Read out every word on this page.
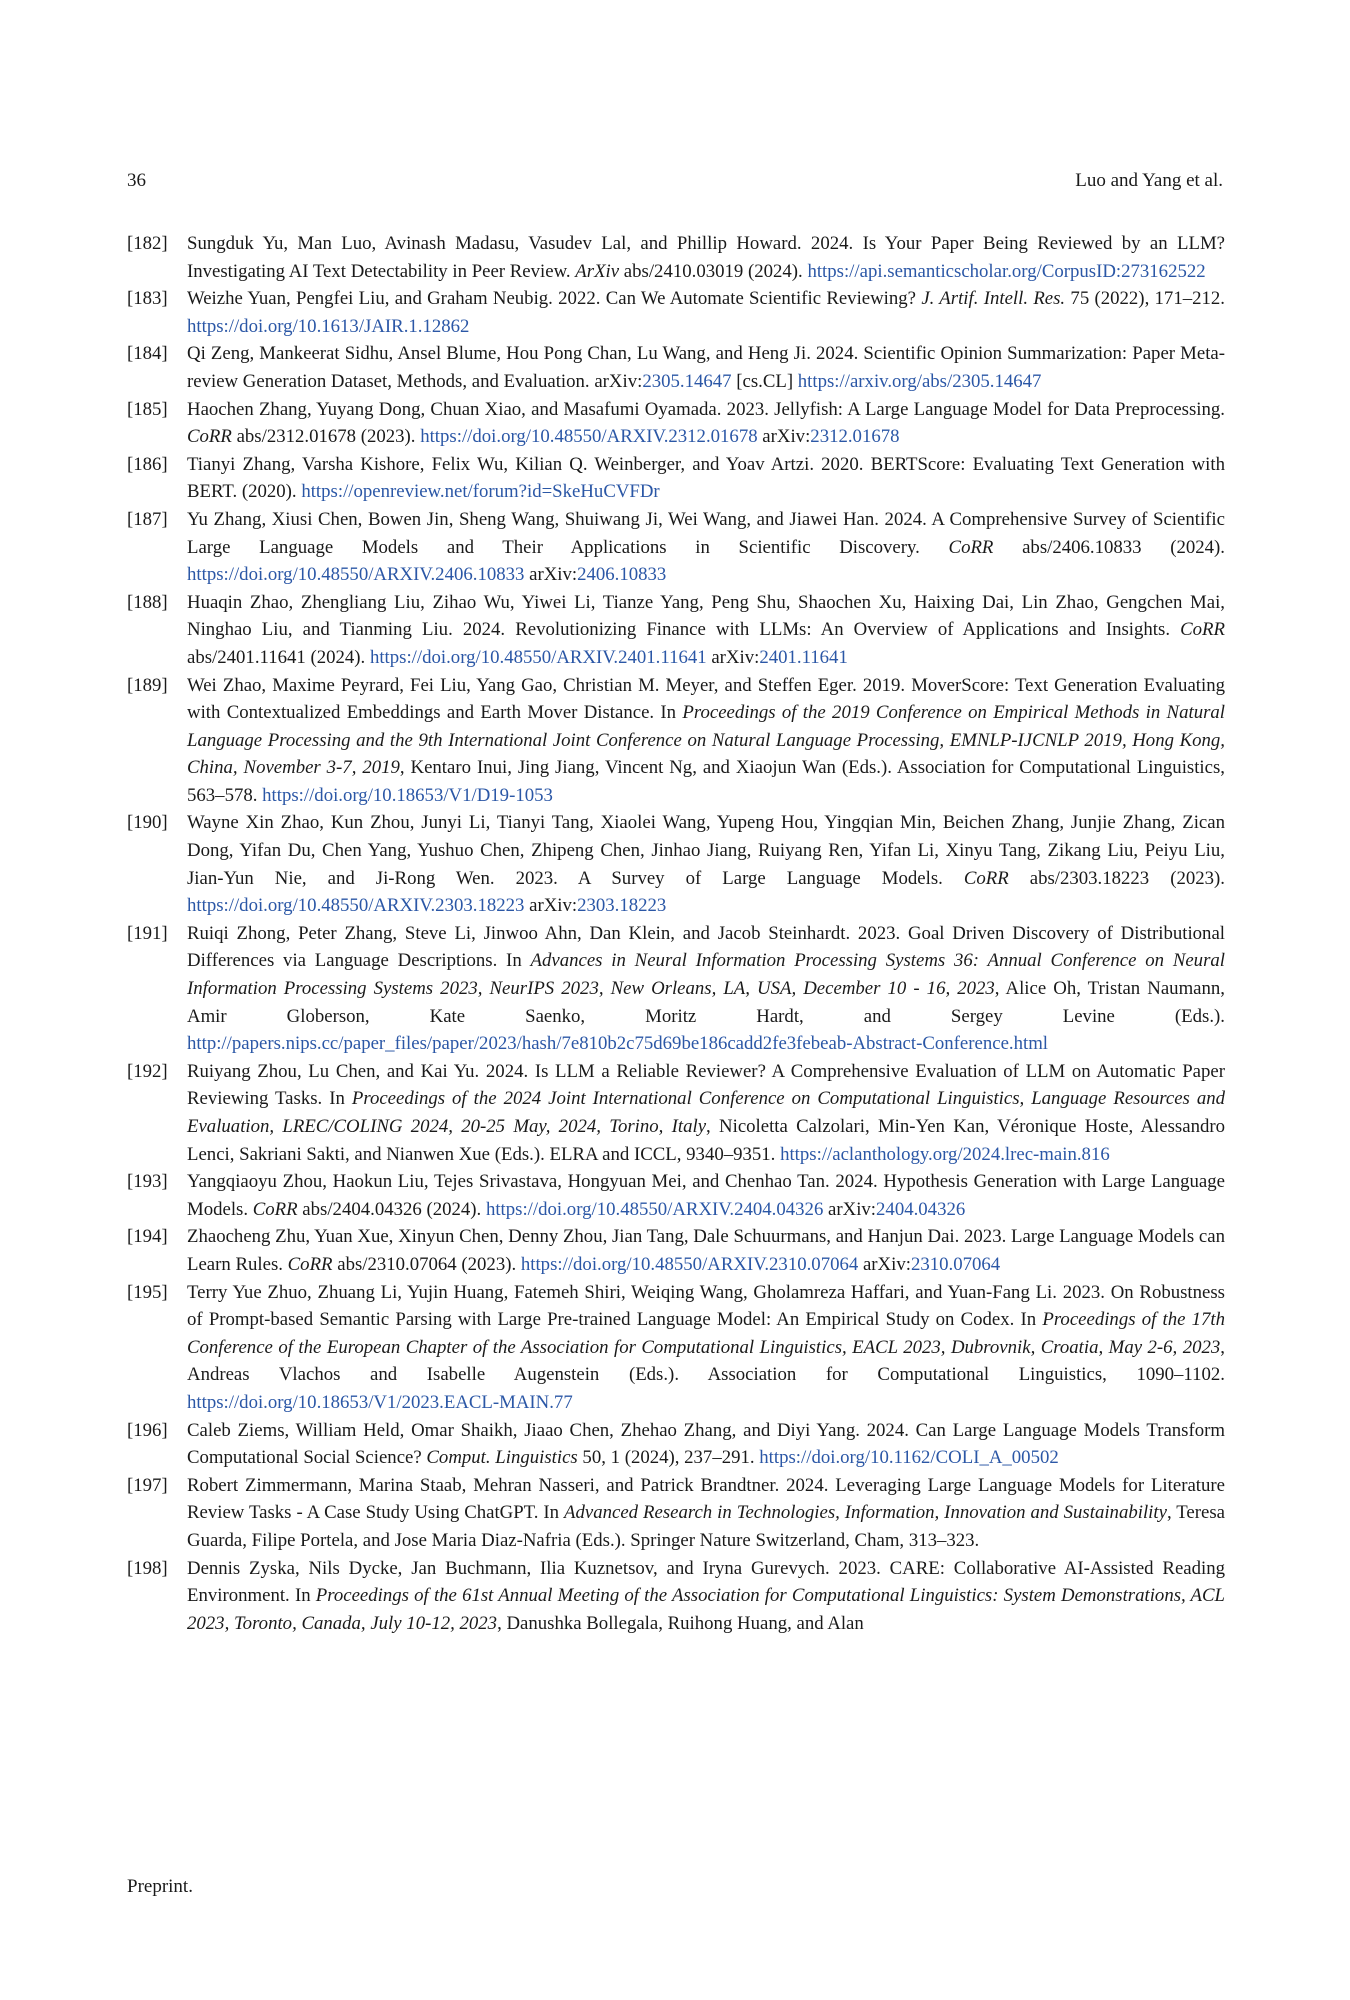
36	Luo and Yang et al.
[182] Sungduk Yu, Man Luo, Avinash Madasu, Vasudev Lal, and Phillip Howard. 2024. Is Your Paper Being Reviewed by an LLM? Investigating AI Text Detectability in Peer Review. ArXiv abs/2410.03019 (2024). https://api.semanticscholar.org/CorpusID:273162522
[183] Weizhe Yuan, Pengfei Liu, and Graham Neubig. 2022. Can We Automate Scientific Reviewing? J. Artif. Intell. Res. 75 (2022), 171–212. https://doi.org/10.1613/JAIR.1.12862
[184] Qi Zeng, Mankeerat Sidhu, Ansel Blume, Hou Pong Chan, Lu Wang, and Heng Ji. 2024. Scientific Opinion Summarization: Paper Meta-review Generation Dataset, Methods, and Evaluation. arXiv:2305.14647 [cs.CL] https://arxiv.org/abs/2305.14647
[185] Haochen Zhang, Yuyang Dong, Chuan Xiao, and Masafumi Oyamada. 2023. Jellyfish: A Large Language Model for Data Preprocessing. CoRR abs/2312.01678 (2023). https://doi.org/10.48550/ARXIV.2312.01678 arXiv:2312.01678
[186] Tianyi Zhang, Varsha Kishore, Felix Wu, Kilian Q. Weinberger, and Yoav Artzi. 2020. BERTScore: Evaluating Text Generation with BERT. (2020). https://openreview.net/forum?id=SkeHuCVFDr
[187] Yu Zhang, Xiusi Chen, Bowen Jin, Sheng Wang, Shuiwang Ji, Wei Wang, and Jiawei Han. 2024. A Comprehensive Survey of Scientific Large Language Models and Their Applications in Scientific Discovery. CoRR abs/2406.10833 (2024). https://doi.org/10.48550/ARXIV.2406.10833 arXiv:2406.10833
[188] Huaqin Zhao, Zhengliang Liu, Zihao Wu, Yiwei Li, Tianze Yang, Peng Shu, Shaochen Xu, Haixing Dai, Lin Zhao, Gengchen Mai, Ninghao Liu, and Tianming Liu. 2024. Revolutionizing Finance with LLMs: An Overview of Applications and Insights. CoRR abs/2401.11641 (2024). https://doi.org/10.48550/ARXIV.2401.11641 arXiv:2401.11641
[189] Wei Zhao, Maxime Peyrard, Fei Liu, Yang Gao, Christian M. Meyer, and Steffen Eger. 2019. MoverScore: Text Generation Evaluating with Contextualized Embeddings and Earth Mover Distance. In Proceedings of the 2019 Conference on Empirical Methods in Natural Language Processing and the 9th International Joint Conference on Natural Language Processing, EMNLP-IJCNLP 2019, Hong Kong, China, November 3-7, 2019, Kentaro Inui, Jing Jiang, Vincent Ng, and Xiaojun Wan (Eds.). Association for Computational Linguistics, 563–578. https://doi.org/10.18653/V1/D19-1053
[190] Wayne Xin Zhao, Kun Zhou, Junyi Li, Tianyi Tang, Xiaolei Wang, Yupeng Hou, Yingqian Min, Beichen Zhang, Junjie Zhang, Zican Dong, Yifan Du, Chen Yang, Yushuo Chen, Zhipeng Chen, Jinhao Jiang, Ruiyang Ren, Yifan Li, Xinyu Tang, Zikang Liu, Peiyu Liu, Jian-Yun Nie, and Ji-Rong Wen. 2023. A Survey of Large Language Models. CoRR abs/2303.18223 (2023). https://doi.org/10.48550/ARXIV.2303.18223 arXiv:2303.18223
[191] Ruiqi Zhong, Peter Zhang, Steve Li, Jinwoo Ahn, Dan Klein, and Jacob Steinhardt. 2023. Goal Driven Discovery of Distributional Differences via Language Descriptions. In Advances in Neural Information Processing Systems 36: Annual Conference on Neural Information Processing Systems 2023, NeurIPS 2023, New Orleans, LA, USA, December 10 - 16, 2023, Alice Oh, Tristan Naumann, Amir Globerson, Kate Saenko, Moritz Hardt, and Sergey Levine (Eds.). http://papers.nips.cc/paper_files/paper/2023/hash/7e810b2c75d69be186cadd2fe3febeab-Abstract-Conference.html
[192] Ruiyang Zhou, Lu Chen, and Kai Yu. 2024. Is LLM a Reliable Reviewer? A Comprehensive Evaluation of LLM on Automatic Paper Reviewing Tasks. In Proceedings of the 2024 Joint International Conference on Computational Linguistics, Language Resources and Evaluation, LREC/COLING 2024, 20-25 May, 2024, Torino, Italy, Nicoletta Calzolari, Min-Yen Kan, Véronique Hoste, Alessandro Lenci, Sakriani Sakti, and Nianwen Xue (Eds.). ELRA and ICCL, 9340–9351. https://aclanthology.org/2024.lrec-main.816
[193] Yangqiaoyu Zhou, Haokun Liu, Tejes Srivastava, Hongyuan Mei, and Chenhao Tan. 2024. Hypothesis Generation with Large Language Models. CoRR abs/2404.04326 (2024). https://doi.org/10.48550/ARXIV.2404.04326 arXiv:2404.04326
[194] Zhaocheng Zhu, Yuan Xue, Xinyun Chen, Denny Zhou, Jian Tang, Dale Schuurmans, and Hanjun Dai. 2023. Large Language Models can Learn Rules. CoRR abs/2310.07064 (2023). https://doi.org/10.48550/ARXIV.2310.07064 arXiv:2310.07064
[195] Terry Yue Zhuo, Zhuang Li, Yujin Huang, Fatemeh Shiri, Weiqing Wang, Gholamreza Haffari, and Yuan-Fang Li. 2023. On Robustness of Prompt-based Semantic Parsing with Large Pre-trained Language Model: An Empirical Study on Codex. In Proceedings of the 17th Conference of the European Chapter of the Association for Computational Linguistics, EACL 2023, Dubrovnik, Croatia, May 2-6, 2023, Andreas Vlachos and Isabelle Augenstein (Eds.). Association for Computational Linguistics, 1090–1102. https://doi.org/10.18653/V1/2023.EACL-MAIN.77
[196] Caleb Ziems, William Held, Omar Shaikh, Jiaao Chen, Zhehao Zhang, and Diyi Yang. 2024. Can Large Language Models Transform Computational Social Science? Comput. Linguistics 50, 1 (2024), 237–291. https://doi.org/10.1162/COLI_A_00502
[197] Robert Zimmermann, Marina Staab, Mehran Nasseri, and Patrick Brandtner. 2024. Leveraging Large Language Models for Literature Review Tasks - A Case Study Using ChatGPT. In Advanced Research in Technologies, Information, Innovation and Sustainability, Teresa Guarda, Filipe Portela, and Jose Maria Diaz-Nafria (Eds.). Springer Nature Switzerland, Cham, 313–323.
[198] Dennis Zyska, Nils Dycke, Jan Buchmann, Ilia Kuznetsov, and Iryna Gurevych. 2023. CARE: Collaborative AI-Assisted Reading Environment. In Proceedings of the 61st Annual Meeting of the Association for Computational Linguistics: System Demonstrations, ACL 2023, Toronto, Canada, July 10-12, 2023, Danushka Bollegala, Ruihong Huang, and Alan
Preprint.
